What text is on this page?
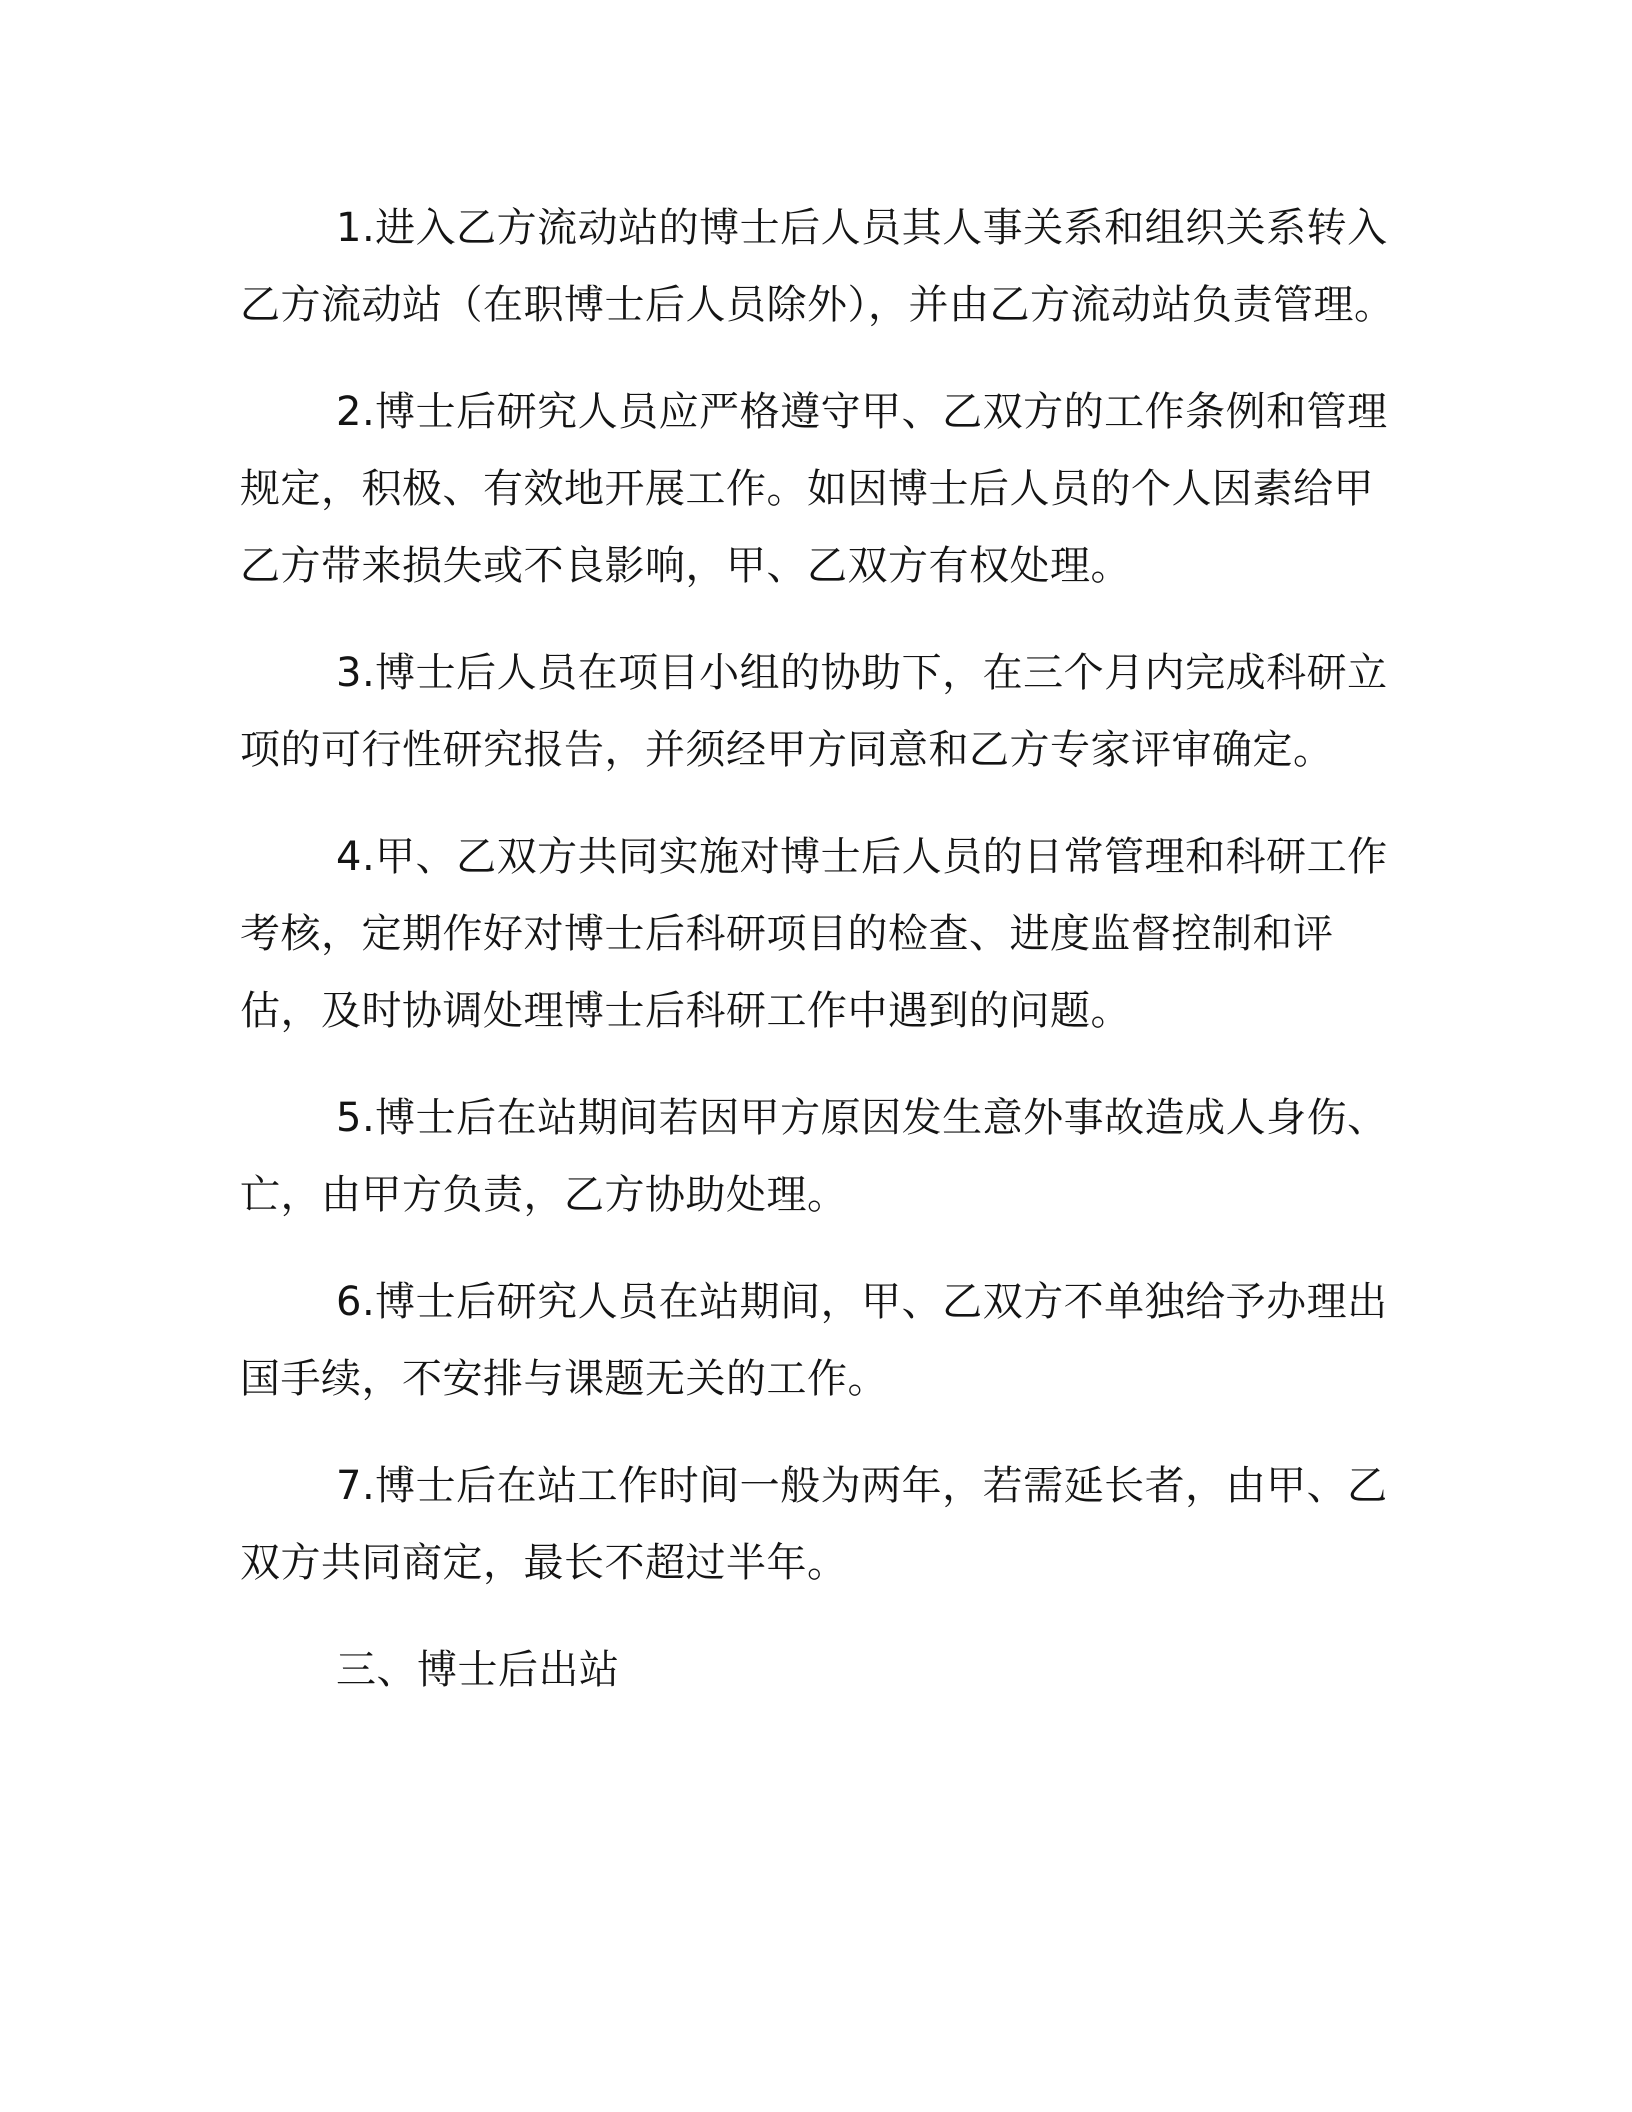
1.进入乙方流动站的博士后人员其人事关系和组织关系转入乙方流动站（在职博士后人员除外），并由乙方流动站负责管理。

2.博士后研究人员应严格遵守甲、乙双方的工作条例和管理规定，积极、有效地开展工作。如因博士后人员的个人因素给甲乙方带来损失或不良影响，甲、乙双方有权处理。

3.博士后人员在项目小组的协助下，在三个月内完成科研立项的可行性研究报告，并须经甲方同意和乙方专家评审确定。

4.甲、乙双方共同实施对博士后人员的日常管理和科研工作考核，定期作好对博士后科研项目的检查、进度监督控制和评估，及时协调处理博士后科研工作中遇到的问题。

5.博士后在站期间若因甲方原因发生意外事故造成人身伤、亡，由甲方负责，乙方协助处理。

6.博士后研究人员在站期间，甲、乙双方不单独给予办理出国手续，不安排与课题无关的工作。

7.博士后在站工作时间一般为两年，若需延长者，由甲、乙双方共同商定，最长不超过半年。

三、博士后出站
